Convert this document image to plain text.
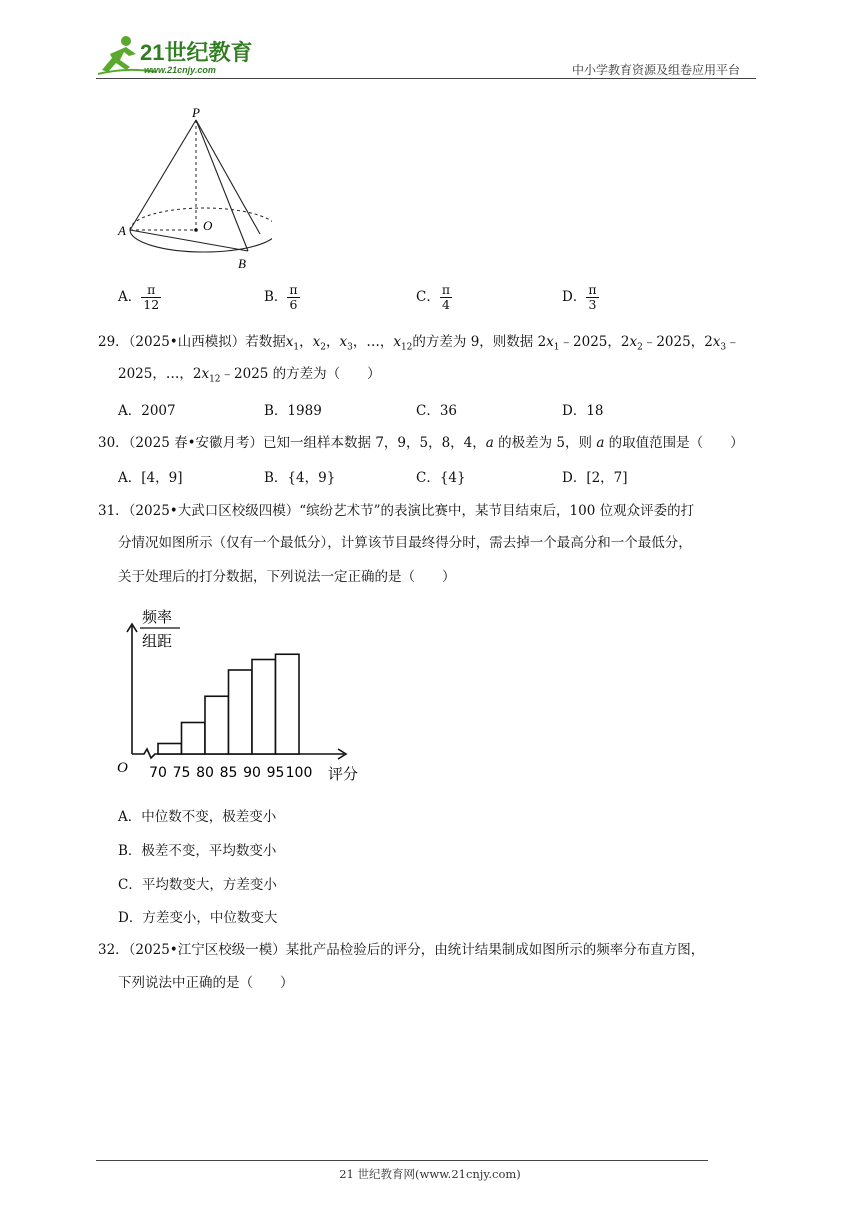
21世纪教育
www.21cnjy.com	中小学教育资源及组卷应用平台
P
O
A
B
A． $\frac{\pi}{12}$	B． $\frac{\pi}{6}$	C． $\frac{\pi}{4}$	D． $\frac{\pi}{3}$
29．（2025•山西模拟）若数据$x_1$，$x_2$，$x_3$，…，$x_{12}$的方差为 9，则数据 $2x_1﹣2025$，$2x_2﹣2025$，$2x_3﹣$
2025，…，$2x_{12}﹣2025$ 的方差为（　　）
A．2007	B．1989	C．36	D．18
30．（2025 春•安徽月考）已知一组样本数据 7，9，5，8，4，a 的极差为 5，则 a 的取值范围是（　　）
A．[4，9]	B．{4，9}	C．{4}	D．[2，7]
31．（2025•大武口区校级四模）“缤纷艺术节”的表演比赛中，某节目结束后，100 位观众评委的打
分情况如图所示（仅有一个最低分），计算该节目最终得分时，需去掉一个最高分和一个最低分，
关于处理后的打分数据，下列说法一定正确的是（　　）
频率
组距
O	评分
70 75 80 85 90 95 100
A．中位数不变，极差变小
B．极差不变，平均数变小
C．平均数变大，方差变小
D．方差变小，中位数变大
32．（2025•江宁区校级一模）某批产品检验后的评分，由统计结果制成如图所示的频率分布直方图，
下列说法中正确的是（　　）
21 世纪教育网(www.21cnjy.com)
